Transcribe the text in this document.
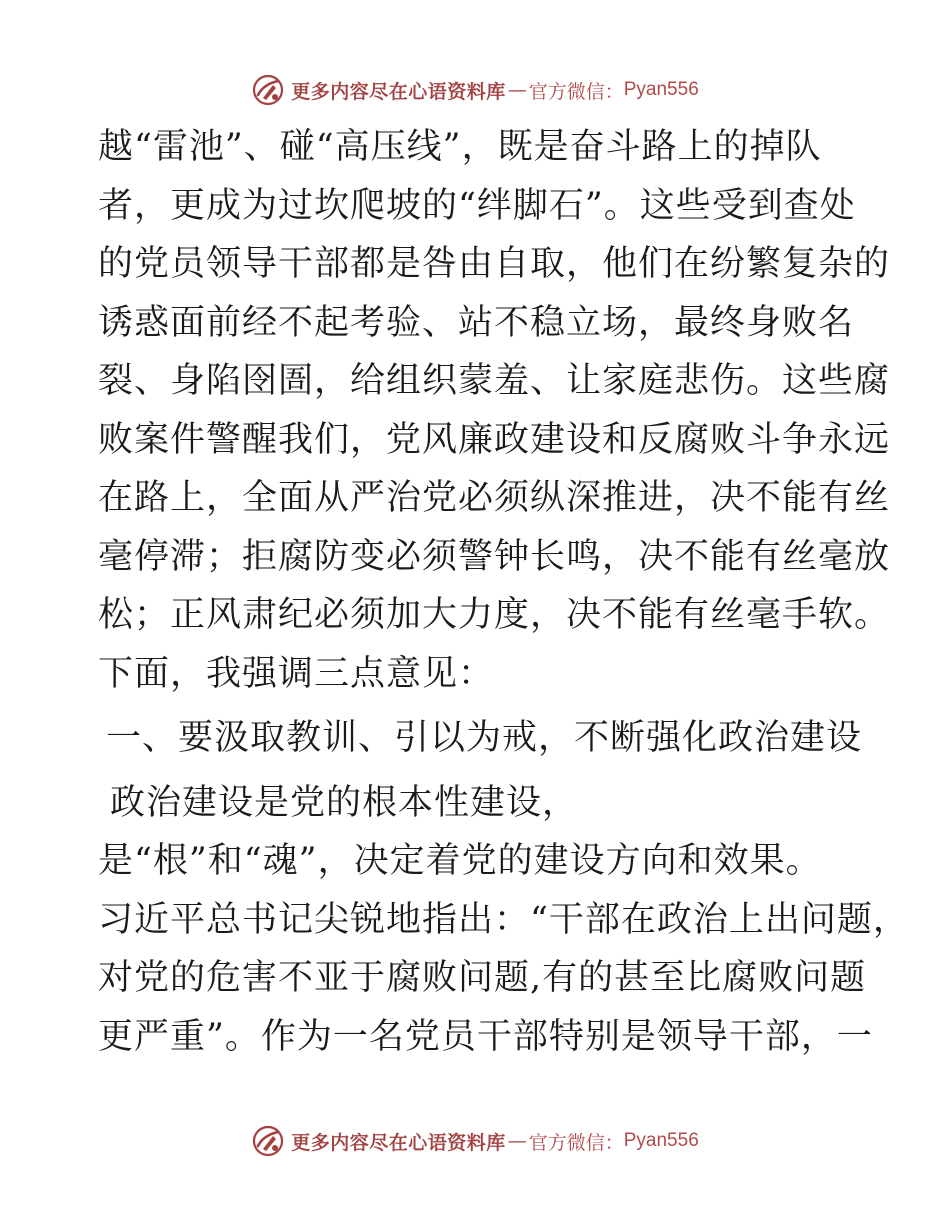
更多内容尽在心语资料库 — 官方微信： Pyan556
越“雷池”、碰“高压线”，既是奋斗路上的掉队
者，更成为过坎爬坡的“绊脚石”。这些受到查处
的党员领导干部都是咎由自取，他们在纷繁复杂的
诱惑面前经不起考验、站不稳立场，最终身败名
裂、身陷囹圄，给组织蒙羞、让家庭悲伤。这些腐
败案件警醒我们，党风廉政建设和反腐败斗争永远
在路上，全面从严治党必须纵深推进，决不能有丝
毫停滞；拒腐防变必须警钟长鸣，决不能有丝毫放
松；正风肃纪必须加大力度，决不能有丝毫手软。
下面，我强调三点意见：
一、要汲取教训、引以为戒，不断强化政治建设
政治建设是党的根本性建设，
是“根”和“魂”，决定着党的建设方向和效果。
习近平总书记尖锐地指出：“干部在政治上出问题，
对党的危害不亚于腐败问题,有的甚至比腐败问题
更严重”。作为一名党员干部特别是领导干部，一
更多内容尽在心语资料库 — 官方微信： Pyan556
